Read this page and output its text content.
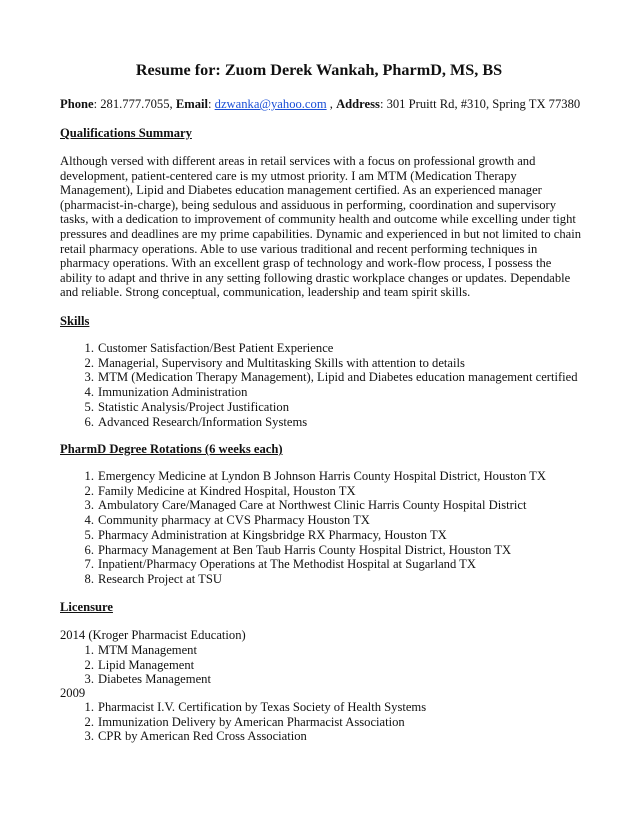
Resume for: Zuom Derek Wankah, PharmD, MS, BS
Phone: 281.777.7055, Email: dzwanka@yahoo.com , Address: 301 Pruitt Rd, #310, Spring TX 77380
Qualifications Summary

Although versed with different areas in retail services with a focus on professional growth and development, patient-centered care is my utmost priority. I am MTM (Medication Therapy Management), Lipid and Diabetes education management certified. As an experienced manager (pharmacist-in-charge), being sedulous and assiduous in performing, coordination and supervisory tasks, with a dedication to improvement of community health and outcome while excelling under tight pressures and deadlines are my prime capabilities. Dynamic and experienced in but not limited to chain retail pharmacy operations. Able to use various traditional and recent performing techniques in pharmacy operations. With an excellent grasp of technology and work-flow process, I possess the ability to adapt and thrive in any setting following drastic workplace changes or updates. Dependable and reliable. Strong conceptual, communication, leadership and team spirit skills.

Skills
1. Customer Satisfaction/Best Patient Experience
2. Managerial, Supervisory and Multitasking Skills with attention to details
3. MTM (Medication Therapy Management), Lipid and Diabetes education management certified
4. Immunization Administration
5. Statistic Analysis/Project Justification
6. Advanced Research/Information Systems
PharmD Degree Rotations (6 weeks each)
1. Emergency Medicine at Lyndon B Johnson Harris County Hospital District, Houston TX
2. Family Medicine at Kindred Hospital, Houston TX
3. Ambulatory Care/Managed Care at Northwest Clinic Harris County Hospital District
4. Community pharmacy at CVS Pharmacy Houston TX
5. Pharmacy Administration at Kingsbridge RX Pharmacy, Houston TX
6. Pharmacy Management at Ben Taub Harris County Hospital District, Houston TX
7. Inpatient/Pharmacy Operations at The Methodist Hospital at Sugarland TX
8. Research Project at TSU
Licensure
2014 (Kroger Pharmacist Education)
1. MTM Management
2. Lipid Management
3. Diabetes Management
2009
1. Pharmacist I.V. Certification by Texas Society of Health Systems
2. Immunization Delivery by American Pharmacist Association
3. CPR by American Red Cross Association
